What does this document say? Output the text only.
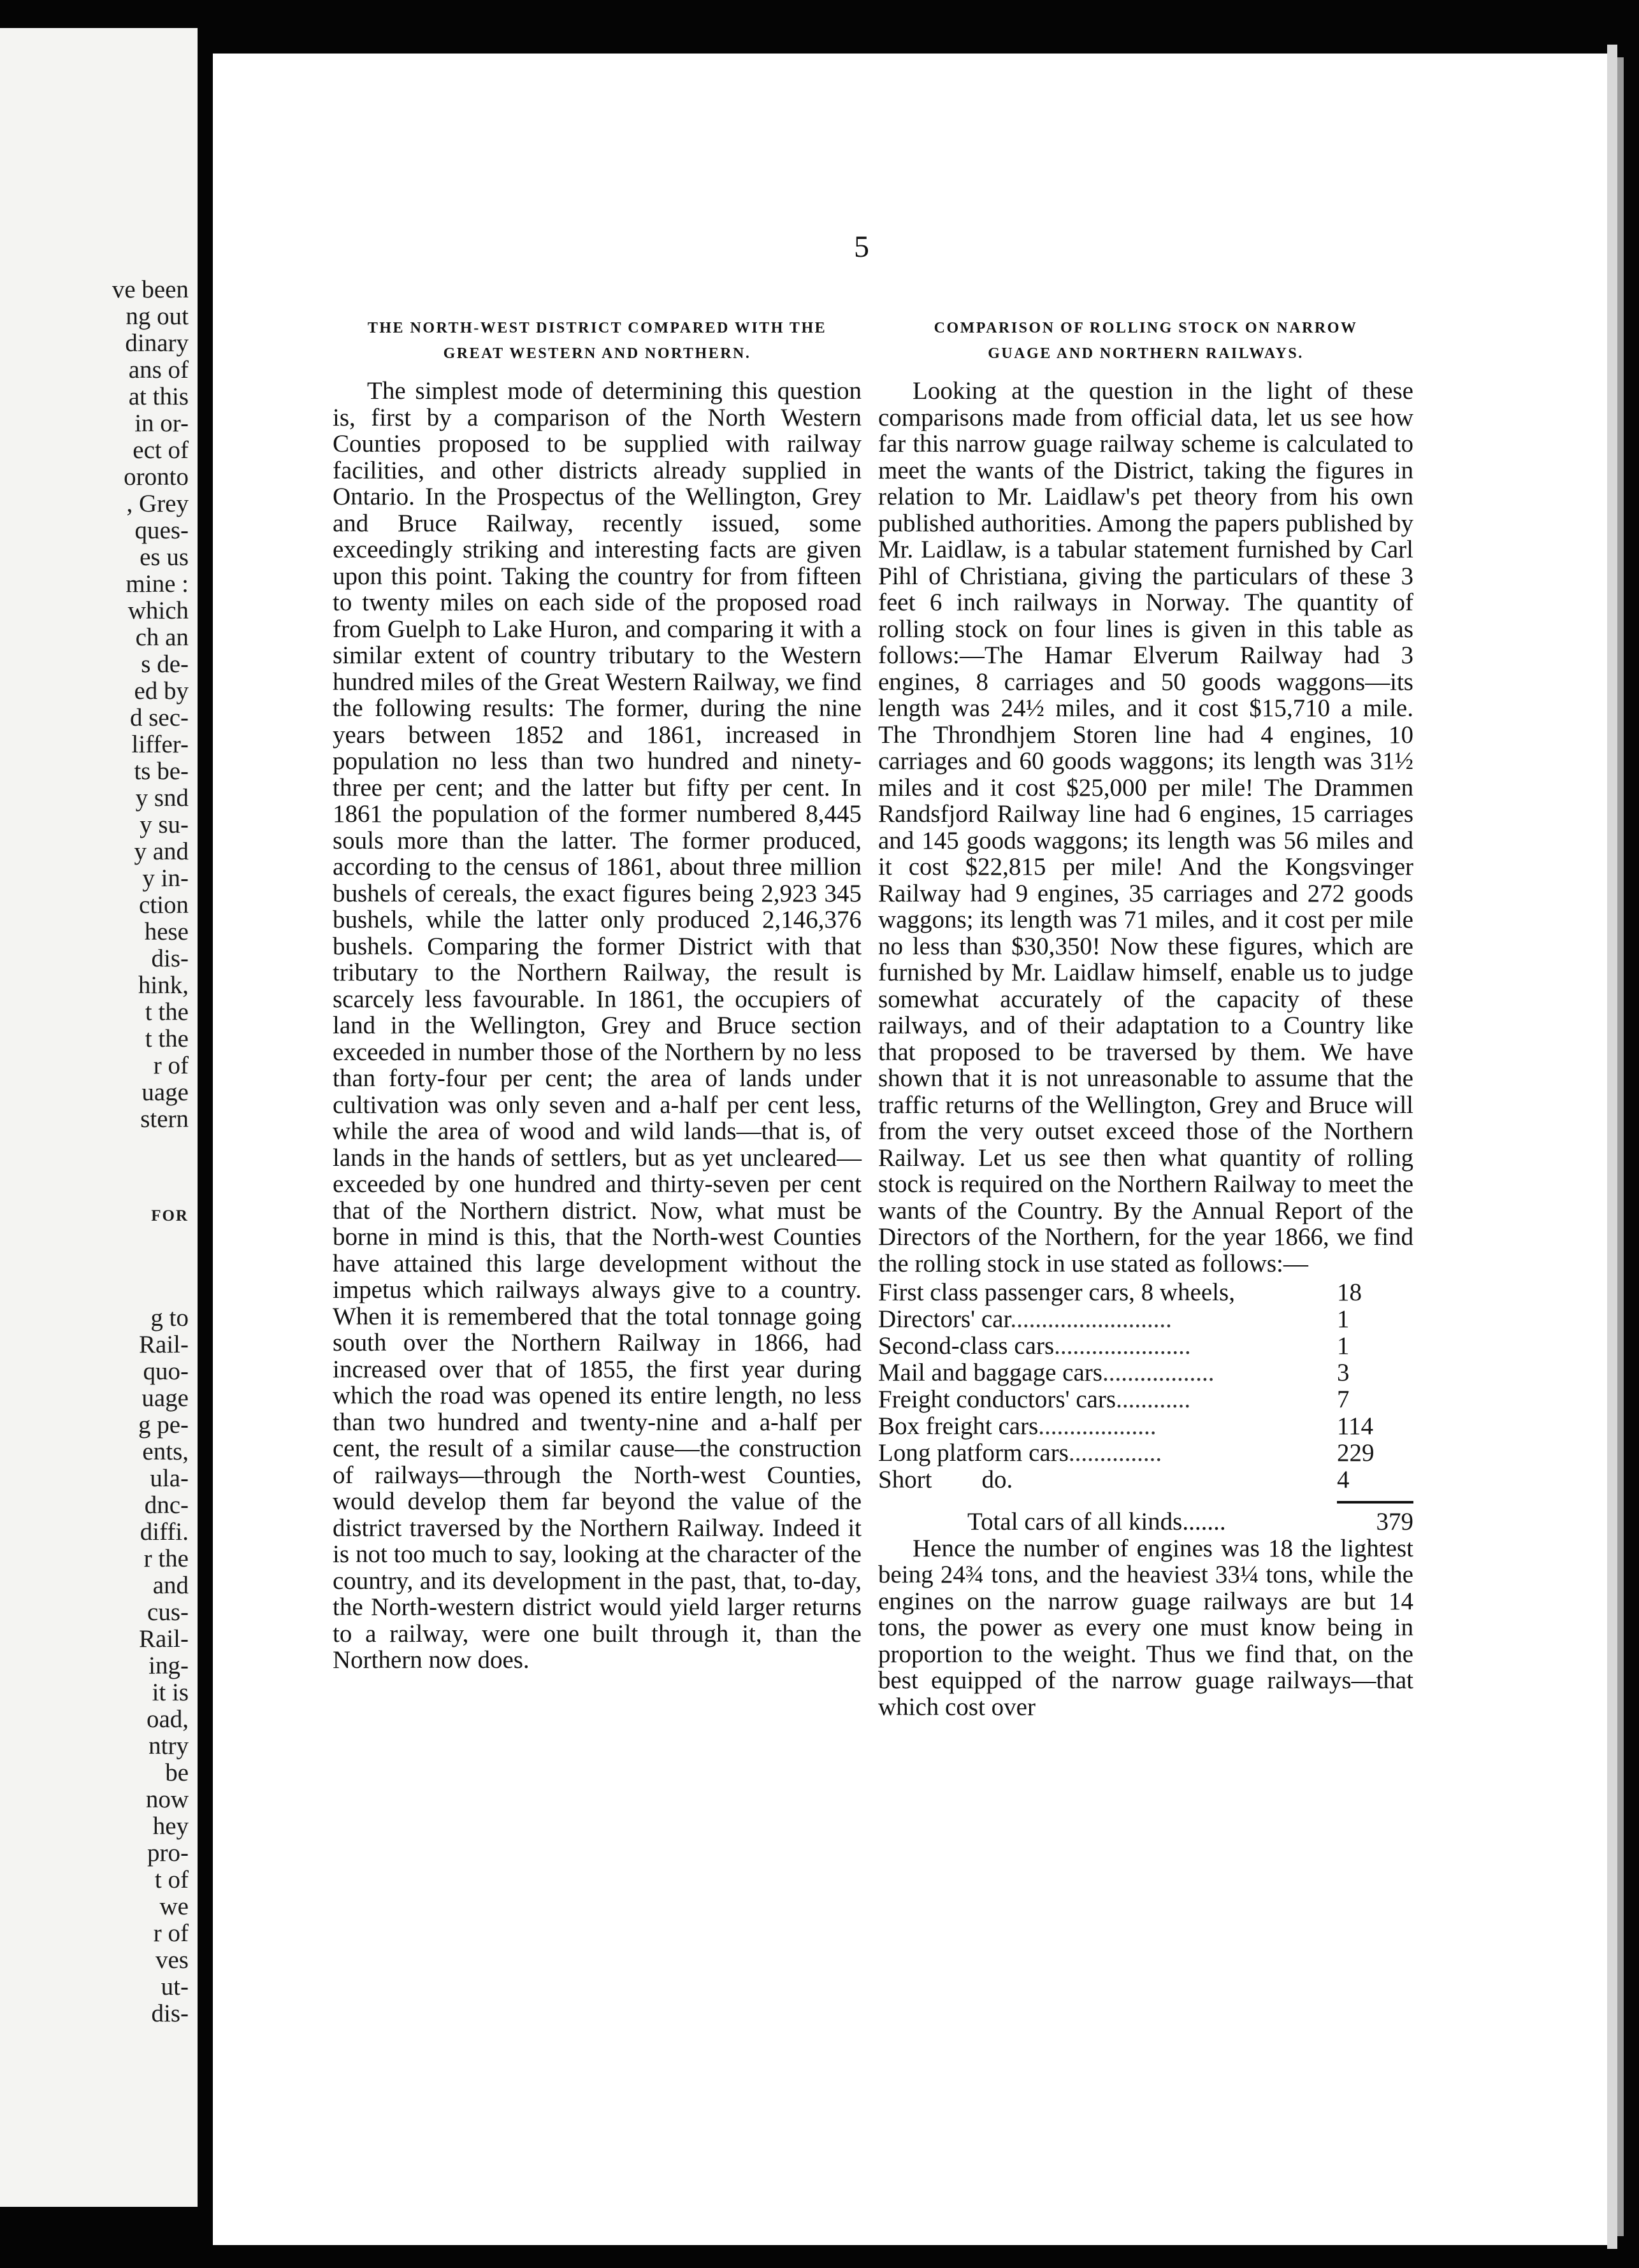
ve been
ng out
dinary
ans of
at this
in or-
ect of
oronto
, Grey
ques-
es us
mine :
which
ch an
s de-
ed by
d sec-
liffer-
ts be-
y snd
y su-
y and
y in-
ction
hese
dis-
hink,
t the
t the
r of
uage
stern
FOR
g to
Rail-
quo-
uage
g pe-
ents,
ula-
dnc-
diffi.
r the
and
cus-
Rail-
ing-
it is
oad,
ntry
be
now
hey
pro-
t of
we
r of
ves
ut-
dis-
5
THE NORTH-WEST DISTRICT COMPARED WITH THE
GREAT WESTERN AND NORTHERN.

The simplest mode of determining this question is, first by a comparison of the North Western Counties proposed to be supplied with railway facilities, and other districts already supplied in Ontario. In the Prospectus of the Wellington, Grey and Bruce Railway, recently issued, some exceedingly striking and interesting facts are given upon this point. Taking the country for from fifteen to twenty miles on each side of the proposed road from Guelph to Lake Huron, and comparing it with a similar extent of country tributary to the Western hundred miles of the Great Western Railway, we find the following results: The former, during the nine years between 1852 and 1861, increased in population no less than two hundred and ninety-three per cent; and the latter but fifty per cent. In 1861 the population of the former numbered 8,445 souls more than the latter. The former produced, according to the census of 1861, about three million bushels of cereals, the exact figures being 2,923 345 bushels, while the latter only produced 2,146,376 bushels. Comparing the former District with that tributary to the Northern Railway, the result is scarcely less favourable. In 1861, the occupiers of land in the Wellington, Grey and Bruce section exceeded in number those of the Northern by no less than forty-four per cent; the area of lands under cultivation was only seven and a-half per cent less, while the area of wood and wild lands—that is, of lands in the hands of settlers, but as yet uncleared—exceeded by one hundred and thirty-seven per cent that of the Northern district. Now, what must be borne in mind is this, that the North-west Counties have attained this large development without the impetus which railways always give to a country. When it is remembered that the total tonnage going south over the Northern Railway in 1866, had increased over that of 1855, the first year during which the road was opened its entire length, no less than two hundred and twenty-nine and a-half per cent, the result of a similar cause—the construction of railways—through the North-west Counties, would develop them far beyond the value of the district traversed by the Northern Railway. Indeed it is not too much to say, looking at the character of the country, and its development in the past, that, to-day, the North-western district would yield larger returns to a railway, were one built through it, than the Northern now does.

COMPARISON OF ROLLING STOCK ON NARROW
GUAGE AND NORTHERN RAILWAYS.

Looking at the question in the light of these comparisons made from official data, let us see how far this narrow guage railway scheme is calculated to meet the wants of the District, taking the figures in relation to Mr. Laidlaw's pet theory from his own published authorities. Among the papers published by Mr. Laidlaw, is a tabular statement furnished by Carl Pihl of Christiana, giving the particulars of these 3 feet 6 inch railways in Norway. The quantity of rolling stock on four lines is given in this table as follows:—The Hamar Elverum Railway had 3 engines, 8 carriages and 50 goods waggons—its length was 24½ miles, and it cost $15,710 a mile. The Throndhjem Storen line had 4 engines, 10 carriages and 60 goods waggons; its length was 31½ miles and it cost $25,000 per mile! The Drammen Randsfjord Railway line had 6 engines, 15 carriages and 145 goods waggons; its length was 56 miles and it cost $22,815 per mile! And the Kongsvinger Railway had 9 engines, 35 carriages and 272 goods waggons; its length was 71 miles, and it cost per mile no less than $30,350! Now these figures, which are furnished by Mr. Laidlaw himself, enable us to judge somewhat accurately of the capacity of these railways, and of their adaptation to a Country like that proposed to be traversed by them. We have shown that it is not unreasonable to assume that the traffic returns of the Wellington, Grey and Bruce will from the very outset exceed those of the Northern Railway. Let us see then what quantity of rolling stock is required on the Northern Railway to meet the wants of the Country. By the Annual Report of the Directors of the Northern, for the year 1866, we find the rolling stock in use stated as follows:—

First class passenger cars, 8 wheels,	18
Directors' car..........................	1
Second-class cars......................	1
Mail and baggage cars..................	3
Freight conductors' cars............	7
Box freight cars...................	114
Long platform cars...............	229
Short        do.	4
Total cars of all kinds.......	379

Hence the number of engines was 18 the lightest being 24¾ tons, and the heaviest 33¼ tons, while the engines on the narrow guage railways are but 14 tons, the power as every one must know being in proportion to the weight. Thus we find that, on the best equipped of the narrow guage railways—that which cost over
